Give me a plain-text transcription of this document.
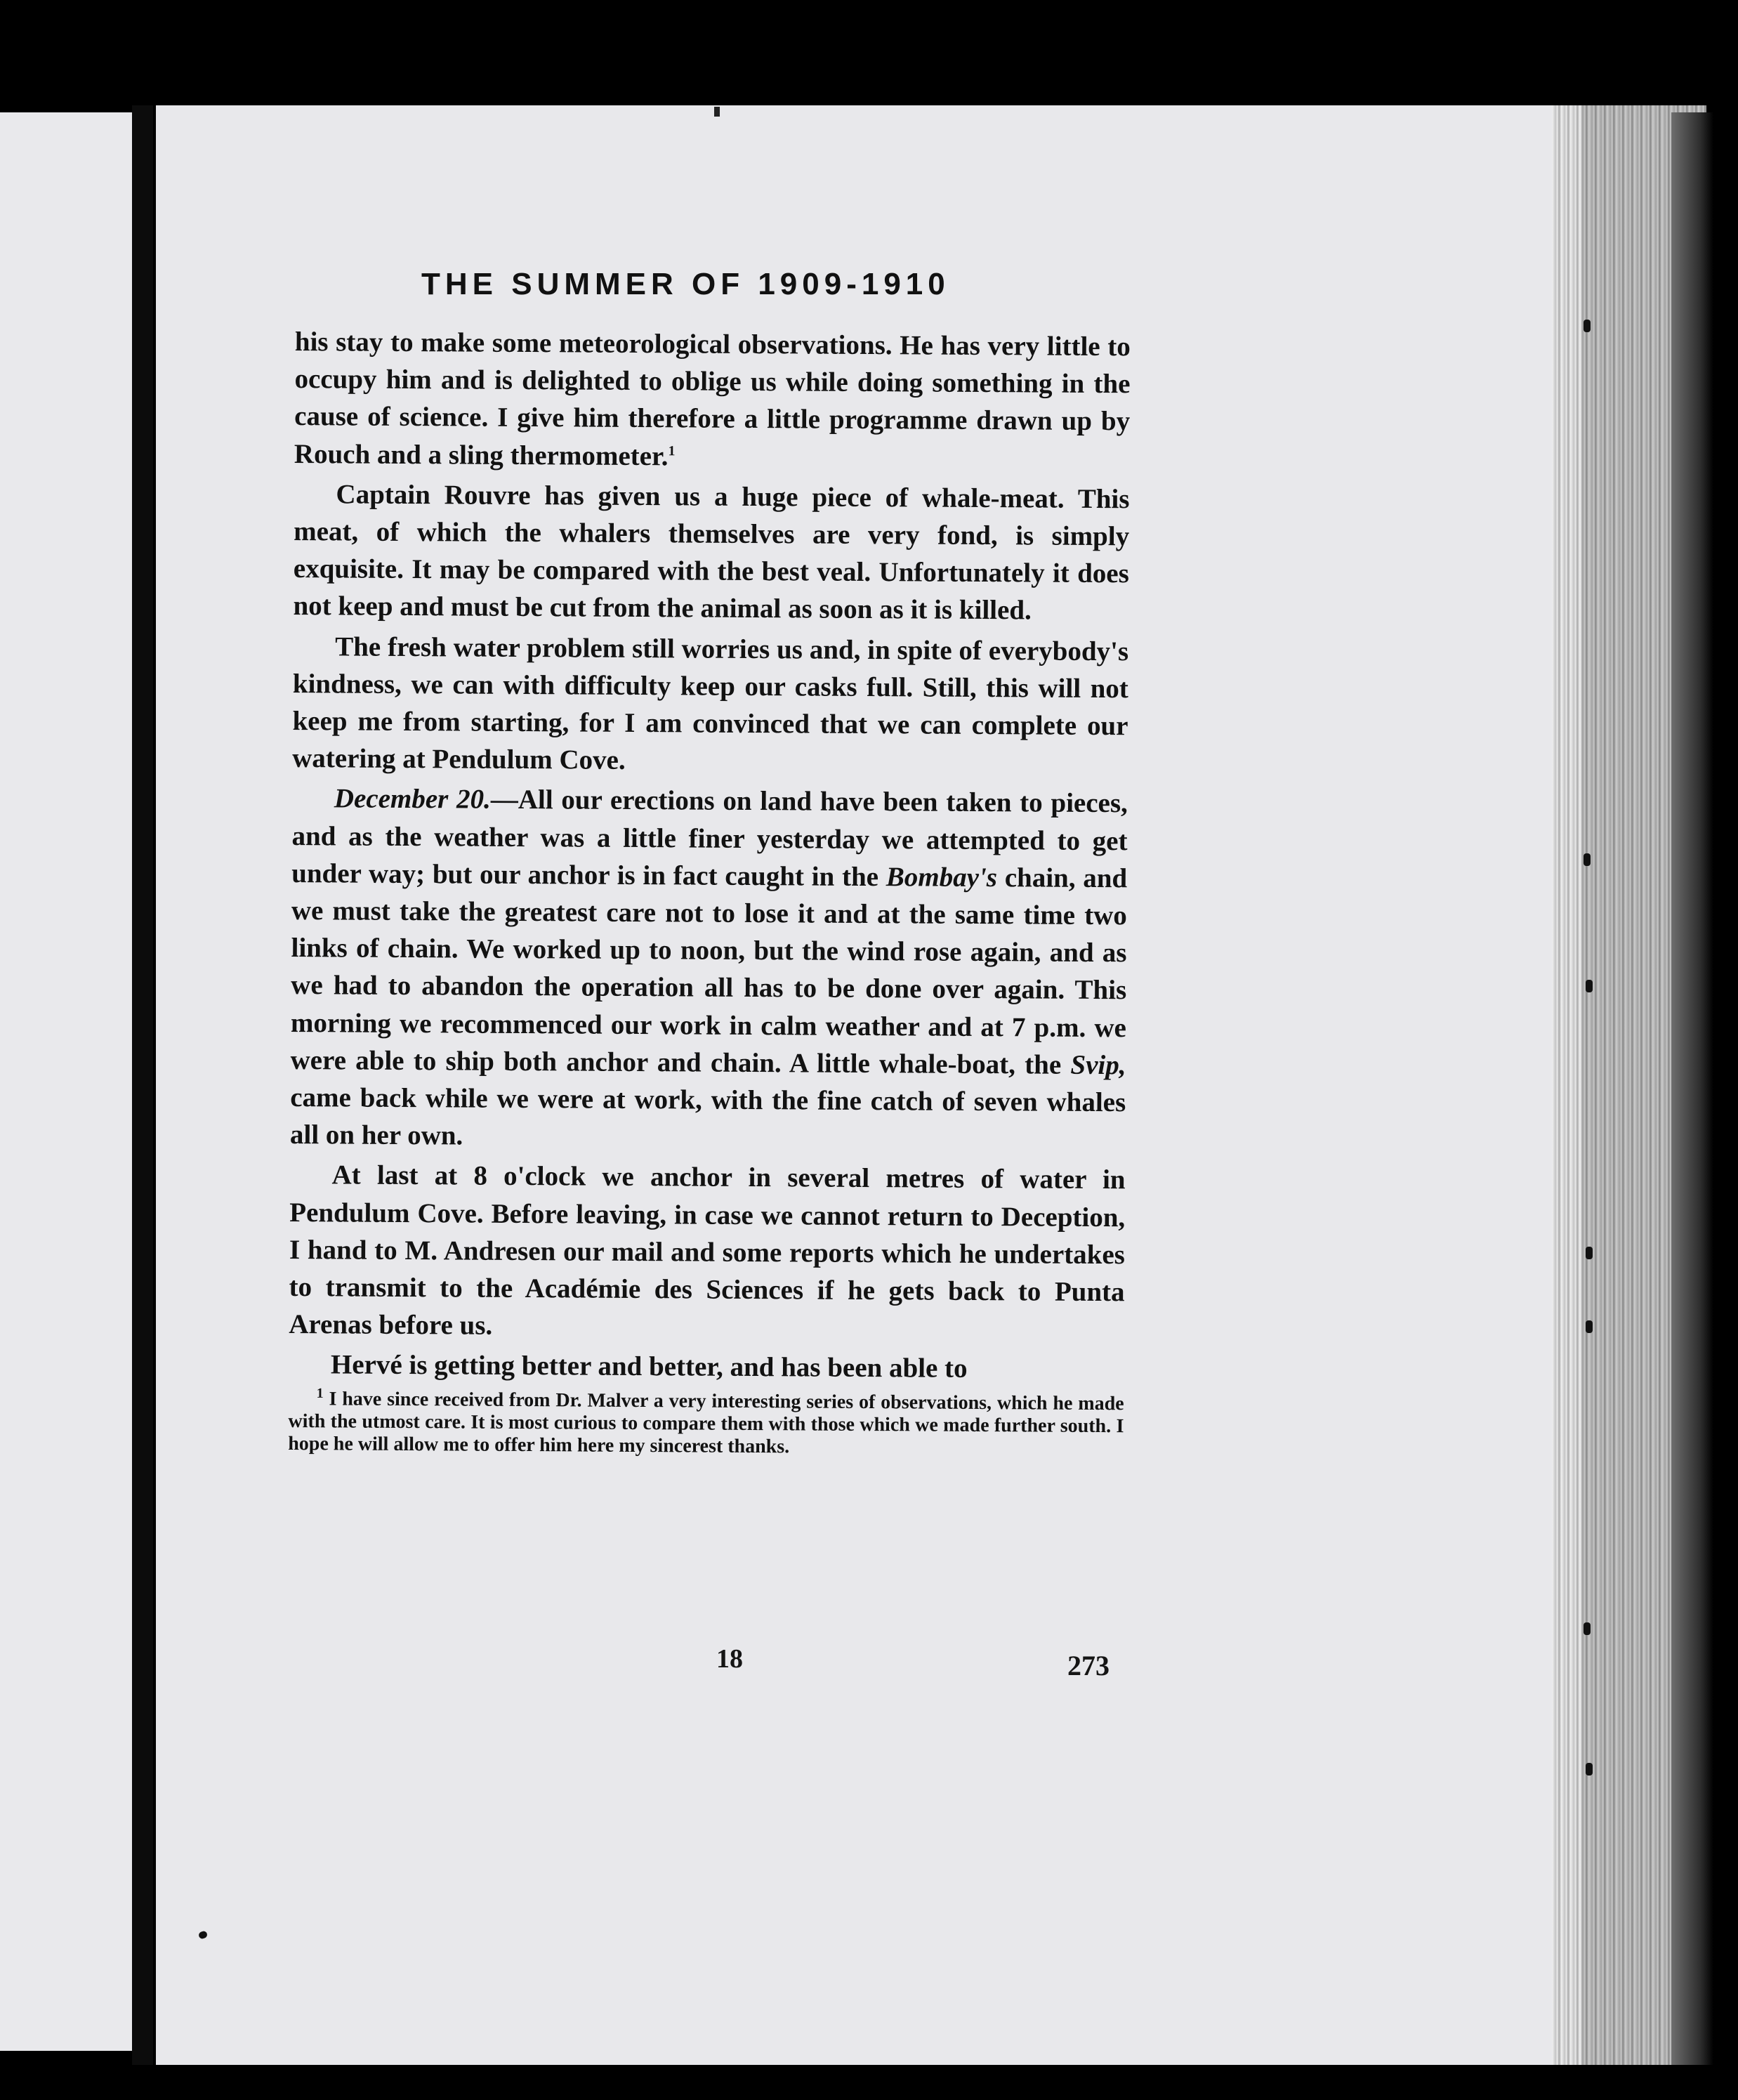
THE SUMMER OF 1909-1910

his stay to make some meteorological observations. He has very little to occupy him and is delighted to oblige us while doing something in the cause of science. I give him therefore a little programme drawn up by Rouch and a sling thermometer.$^1$

Captain Rouvre has given us a huge piece of whale-meat. This meat, of which the whalers themselves are very fond, is simply exquisite. It may be compared with the best veal. Unfortunately it does not keep and must be cut from the animal as soon as it is killed.

The fresh water problem still worries us and, in spite of everybody's kindness, we can with difficulty keep our casks full. Still, this will not keep me from starting, for I am convinced that we can complete our watering at Pendulum Cove.

December 20.—All our erections on land have been taken to pieces, and as the weather was a little finer yesterday we attempted to get under way; but our anchor is in fact caught in the Bombay's chain, and we must take the greatest care not to lose it and at the same time two links of chain. We worked up to noon, but the wind rose again, and as we had to abandon the operation all has to be done over again. This morning we recommenced our work in calm weather and at 7 p.m. we were able to ship both anchor and chain. A little whale-boat, the Svip, came back while we were at work, with the fine catch of seven whales all on her own.

At last at 8 o'clock we anchor in several metres of water in Pendulum Cove. Before leaving, in case we cannot return to Deception, I hand to M. Andresen our mail and some reports which he undertakes to transmit to the Académie des Sciences if he gets back to Punta Arenas before us.

Hervé is getting better and better, and has been able to

$^1$ I have since received from Dr. Malver a very interesting series of observations, which he made with the utmost care. It is most curious to compare them with those which we made further south. I hope he will allow me to offer him here my sincerest thanks.

18	273
